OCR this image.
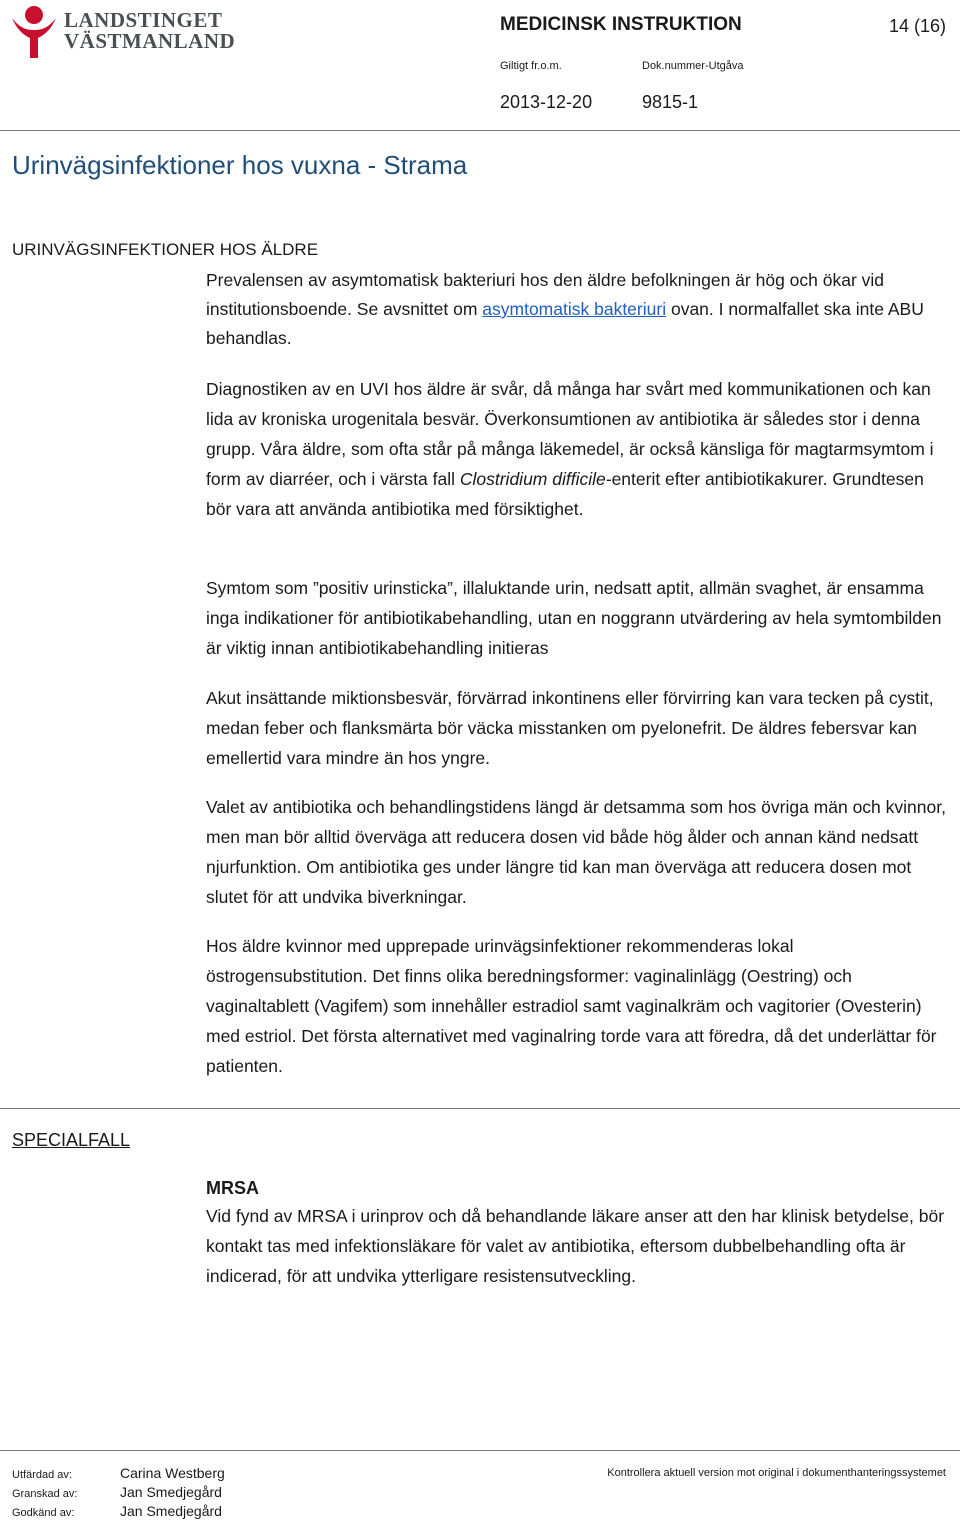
LANDSTINGET
VÄSTMANLAND
MEDICINSK INSTRUKTION	14 (16)
Giltigt fr.o.m.	Dok.nummer-Utgåva
2013-12-20	9815-1
Urinvägsinfektioner hos vuxna - Strama
URINVÄGSINFEKTIONER HOS ÄLDRE

Prevalensen av asymtomatisk bakteriuri hos den äldre befolkningen är hög och ökar vid institutionsboende. Se avsnittet om asymtomatisk bakteriuri ovan. I normalfallet ska inte ABU behandlas.

Diagnostiken av en UVI hos äldre är svår, då många har svårt med kommunikationen och kan lida av kroniska urogenitala besvär. Överkonsumtionen av antibiotika är således stor i denna grupp. Våra äldre, som ofta står på många läkemedel, är också känsliga för magtarmsymtom i form av diarréer, och i värsta fall Clostridium difficile-enterit efter antibiotikakurer. Grundtesen bör vara att använda antibiotika med försiktighet.

Symtom som ”positiv urinsticka”, illaluktande urin, nedsatt aptit, allmän svaghet, är ensamma inga indikationer för antibiotikabehandling, utan en noggrann utvärdering av hela symtombilden är viktig innan antibiotikabehandling initieras

Akut insättande miktionsbesvär, förvärrad inkontinens eller förvirring kan vara tecken på cystit, medan feber och flanksmärta bör väcka misstanken om pyelonefrit. De äldres febersvar kan emellertid vara mindre än hos yngre.

Valet av antibiotika och behandlingstidens längd är detsamma som hos övriga män och kvinnor, men man bör alltid överväga att reducera dosen vid både hög ålder och annan känd nedsatt njurfunktion. Om antibiotika ges under längre tid kan man överväga att reducera dosen mot slutet för att undvika biverkningar.

Hos äldre kvinnor med upprepade urinvägsinfektioner rekommenderas lokal östrogensubstitution. Det finns olika beredningsformer: vaginalinlägg (Oestring) och vaginaltablett (Vagifem) som innehåller estradiol samt vaginalkräm och vagitorier (Ovesterin) med estriol. Det första alternativet med vaginalring torde vara att föredra, då det underlättar för patienten.

SPECIALFALL
MRSA

Vid fynd av MRSA i urinprov och då behandlande läkare anser att den har klinisk betydelse, bör kontakt tas med infektionsläkare för valet av antibiotika, eftersom dubbelbehandling ofta är indicerad, för att undvika ytterligare resistensutveckling.

Utfärdad av:	Carina Westberg
Granskad av:	Jan Smedjegård
Godkänd av:	Jan Smedjegård
Kontrollera aktuell version mot original i dokumenthanteringssystemet
